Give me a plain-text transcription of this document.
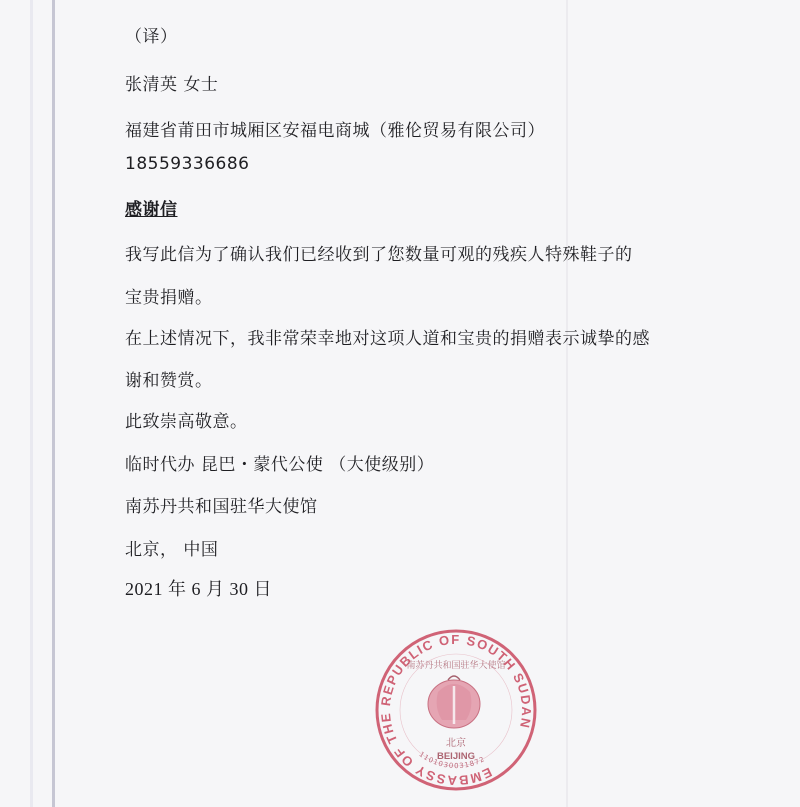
（译）
张清英 女士
福建省莆田市城厢区安福电商城（雅伦贸易有限公司）
18559336686
感谢信
我写此信为了确认我们已经收到了您数量可观的残疾人特殊鞋子的
宝贵捐赠。
在上述情况下，我非常荣幸地对这项人道和宝贵的捐赠表示诚挚的感
谢和赞赏。
此致崇高敬意。
临时代办 昆巴・蒙代公使 （大使级别）
南苏丹共和国驻华大使馆
北京， 中国
2021 年 6 月 30 日
EMBASSY OF THE REPUBLIC OF SOUTH SUDAN
1101030031872
北京
BEIJING
南苏丹共和国驻华大使馆
